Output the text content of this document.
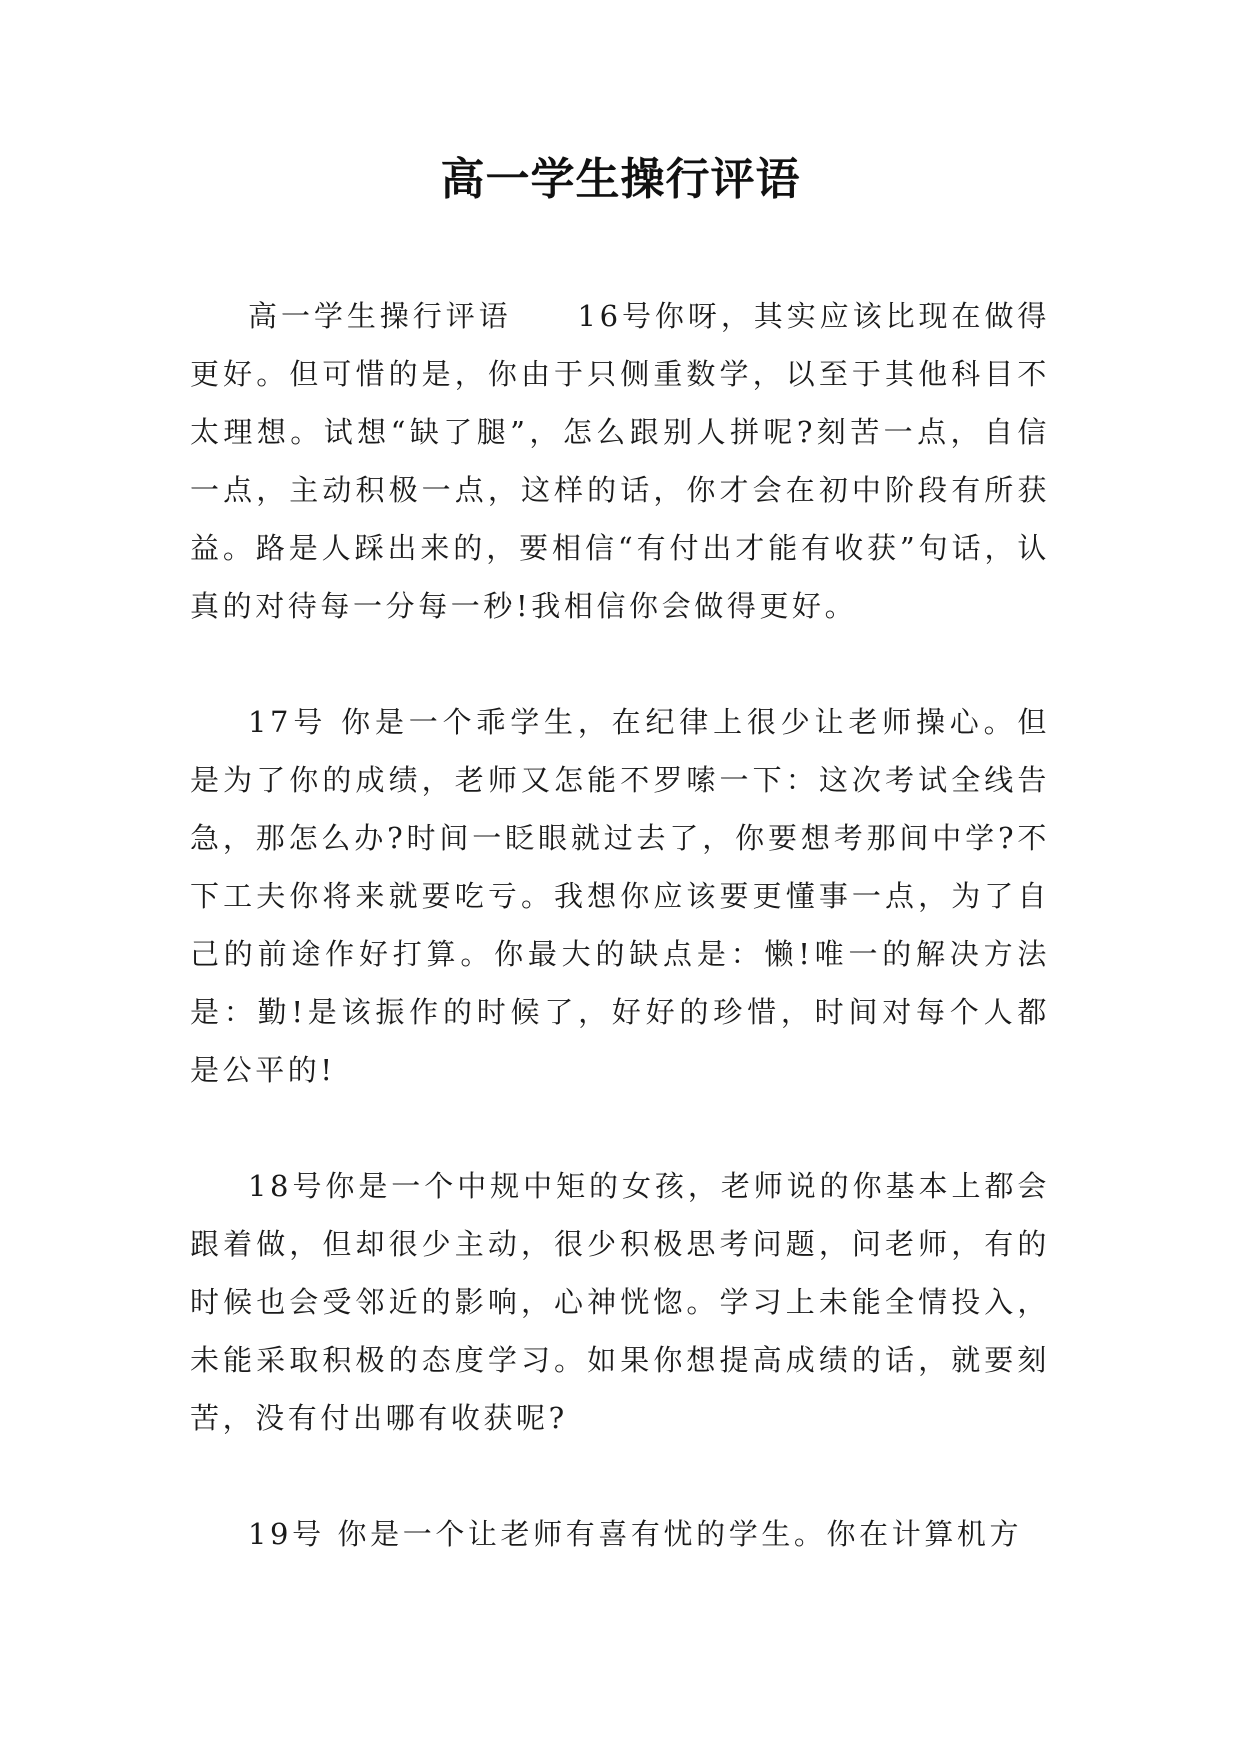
高一学生操行评语

高一学生操行评语　　16号你呀，其实应该比现在做得更好。但可惜的是，你由于只侧重数学，以至于其他科目不太理想。试想“缺了腿”，怎么跟别人拼呢?刻苦一点，自信一点，主动积极一点，这样的话，你才会在初中阶段有所获益。路是人踩出来的，要相信“有付出才能有收获”句话，认真的对待每一分每一秒!我相信你会做得更好。

17号 你是一个乖学生，在纪律上很少让老师操心。但是为了你的成绩，老师又怎能不罗嗦一下：这次考试全线告急，那怎么办?时间一眨眼就过去了，你要想考那间中学?不下工夫你将来就要吃亏。我想你应该要更懂事一点，为了自己的前途作好打算。你最大的缺点是：懒!唯一的解决方法是：勤!是该振作的时候了，好好的珍惜，时间对每个人都是公平的!

18号你是一个中规中矩的女孩，老师说的你基本上都会跟着做，但却很少主动，很少积极思考问题，问老师，有的时候也会受邻近的影响，心神恍惚。学习上未能全情投入，未能采取积极的态度学习。如果你想提高成绩的话，就要刻苦，没有付出哪有收获呢?

19号 你是一个让老师有喜有忧的学生。你在计算机方
